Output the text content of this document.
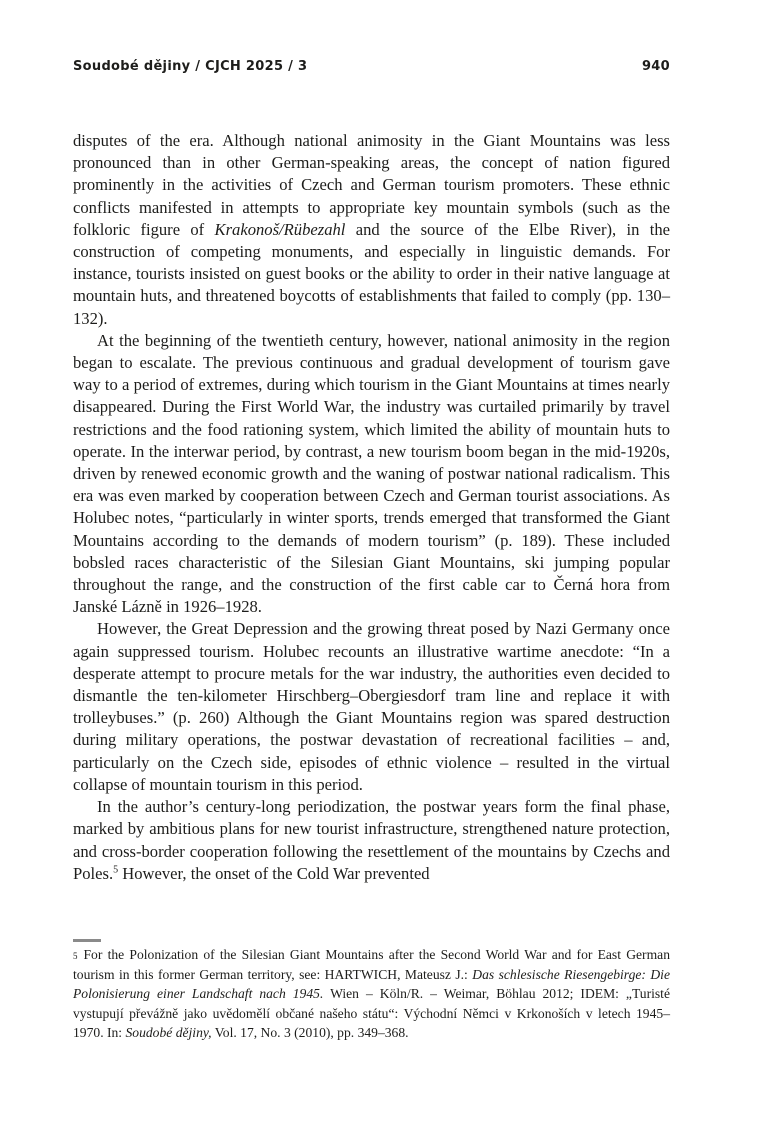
Soudobé dějiny / CJCH 2025 / 3	940

disputes of the era. Although national animosity in the Giant Mountains was less pronounced than in other German-speaking areas, the concept of nation figured prominently in the activities of Czech and German tourism promoters. These ethnic conflicts manifested in attempts to appropriate key mountain symbols (such as the folkloric figure of Krakonoš/Rübezahl and the source of the Elbe River), in the construction of competing monuments, and especially in linguistic demands. For instance, tourists insisted on guest books or the ability to order in their native language at mountain huts, and threatened boycotts of establishments that failed to comply (pp. 130–132).

At the beginning of the twentieth century, however, national animosity in the region began to escalate. The previous continuous and gradual development of tourism gave way to a period of extremes, during which tourism in the Giant Mountains at times nearly disappeared. During the First World War, the industry was curtailed primarily by travel restrictions and the food rationing system, which limited the ability of mountain huts to operate. In the interwar period, by contrast, a new tourism boom began in the mid-1920s, driven by renewed economic growth and the waning of postwar national radicalism. This era was even marked by cooperation between Czech and German tourist associations. As Holubec notes, “particularly in winter sports, trends emerged that transformed the Giant Mountains according to the demands of modern tourism” (p. 189). These included bobsled races characteristic of the Silesian Giant Mountains, ski jumping popular throughout the range, and the construction of the first cable car to Černá hora from Janské Lázně in 1926–1928.

However, the Great Depression and the growing threat posed by Nazi Germany once again suppressed tourism. Holubec recounts an illustrative wartime anecdote: “In a desperate attempt to procure metals for the war industry, the authorities even decided to dismantle the ten-kilometer Hirschberg–Obergiesdorf tram line and replace it with trolleybuses.” (p. 260) Although the Giant Mountains region was spared destruction during military operations, the postwar devastation of recreational facilities – and, particularly on the Czech side, episodes of ethnic violence – resulted in the virtual collapse of mountain tourism in this period.

In the author’s century-long periodization, the postwar years form the final phase, marked by ambitious plans for new tourist infrastructure, strengthened nature protection, and cross-border cooperation following the resettlement of the mountains by Czechs and Poles.$^5$ However, the onset of the Cold War prevented

$^5$ For the Polonization of the Silesian Giant Mountains after the Second World War and for East German tourism in this former German territory, see: HARTWICH, Mateusz J.: Das schlesische Riesengebirge: Die Polonisierung einer Landschaft nach 1945. Wien – Köln/R. – Weimar, Böhlau 2012; IDEM: „Turisté vystupují převážně jako uvědomělí občané našeho státu“: Východní Němci v Krkonoších v letech 1945–1970. In: Soudobé dějiny, Vol. 17, No. 3 (2010), pp. 349–368.
